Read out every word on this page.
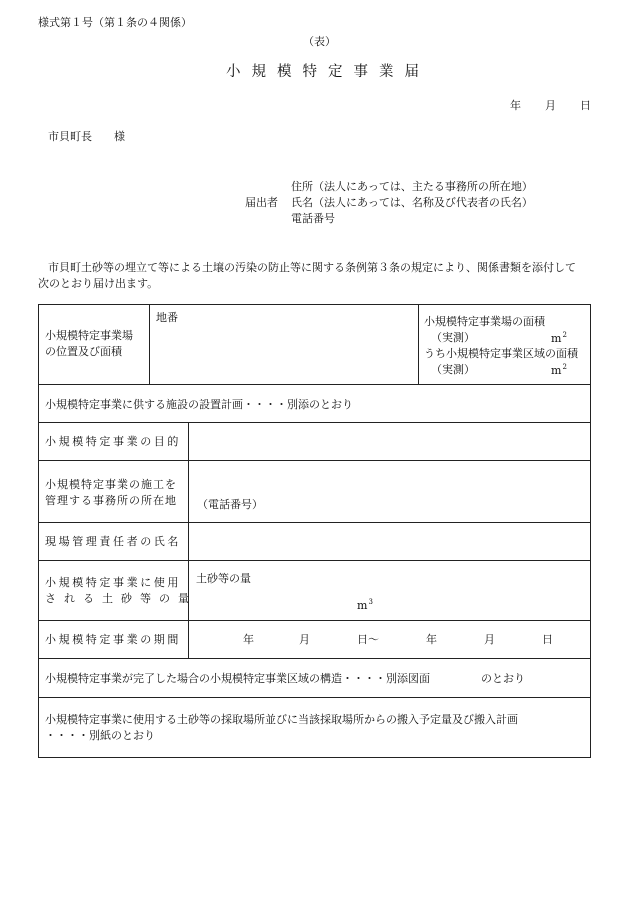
様式第１号（第１条の４関係）
（表）
小規模特定事業届
年 月 日
市貝町長　　様
住所（法人にあっては、主たる事務所の所在地）
届出者 氏名（法人にあっては、名称及び代表者の氏名）
電話番号
市貝町土砂等の埋立て等による土壌の汚染の防止等に関する条例第３条の規定により、関係書類を添付して
次のとおり届け出ます。
小規模特定事業場
の位置及び面積
地番	小規模特定事業場の面積
（実測）	$m^2$
うち小規模特定事業区域の面積
（実測）	$m^2$
小規模特定事業に供する施設の設置計画・・・・別添のとおり
小規模特定事業の目的
小規模特定事業の施工を
管理する事務所の所在地 （電話番号）
現場管理責任者の氏名
小規模特定事業に使用
される土砂等の量
土砂等の量
$m^3$
小規模特定事業の期間	年	月	日～	年	月	日
小規模特定事業が完了した場合の小規模特定事業区域の構造・・・・別添図面	のとおり
小規模特定事業に使用する土砂等の採取場所並びに当該採取場所からの搬入予定量及び搬入計画
・・・・別紙のとおり
